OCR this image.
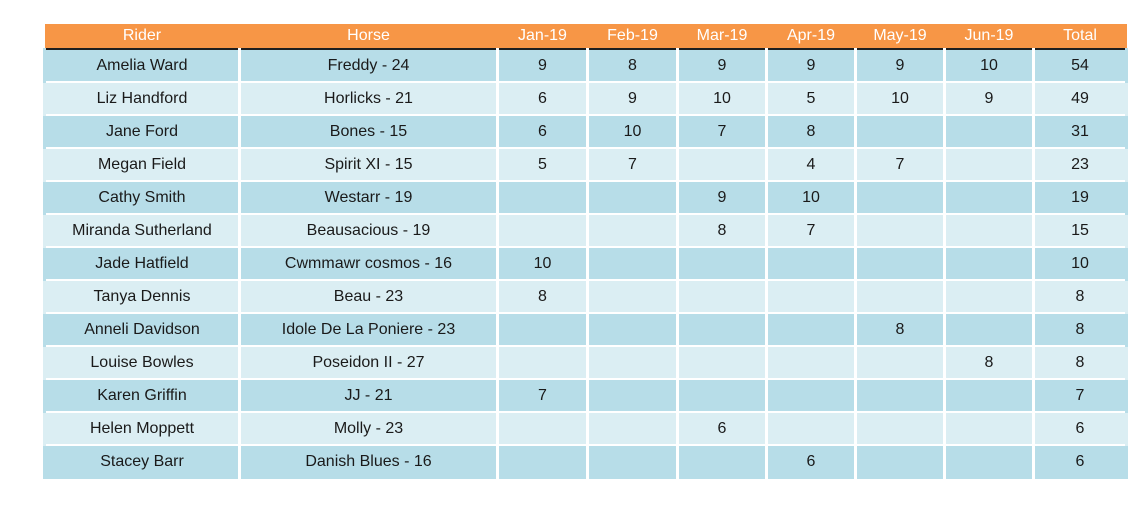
Rider	Horse	Jan-19	Feb-19	Mar-19	Apr-19	May-19	Jun-19	Total
Amelia Ward	Freddy - 24	9	8	9	9	9	10	54
Liz Handford	Horlicks - 21	6	9	10	5	10	9	49
Jane Ford	Bones - 15	6	10	7	8			31
Megan Field	Spirit XI - 15	5	7		4	7		23
Cathy Smith	Westarr - 19			9	10			19
Miranda Sutherland	Beausacious - 19			8	7			15
Jade Hatfield	Cwmmawr cosmos - 16	10						10
Tanya Dennis	Beau - 23	8						8
Anneli Davidson	Idole De La Poniere - 23					8		8
Louise Bowles	Poseidon II - 27						8	8
Karen Griffin	JJ - 21	7						7
Helen Moppett	Molly - 23			6				6
Stacey Barr	Danish Blues - 16				6			6
